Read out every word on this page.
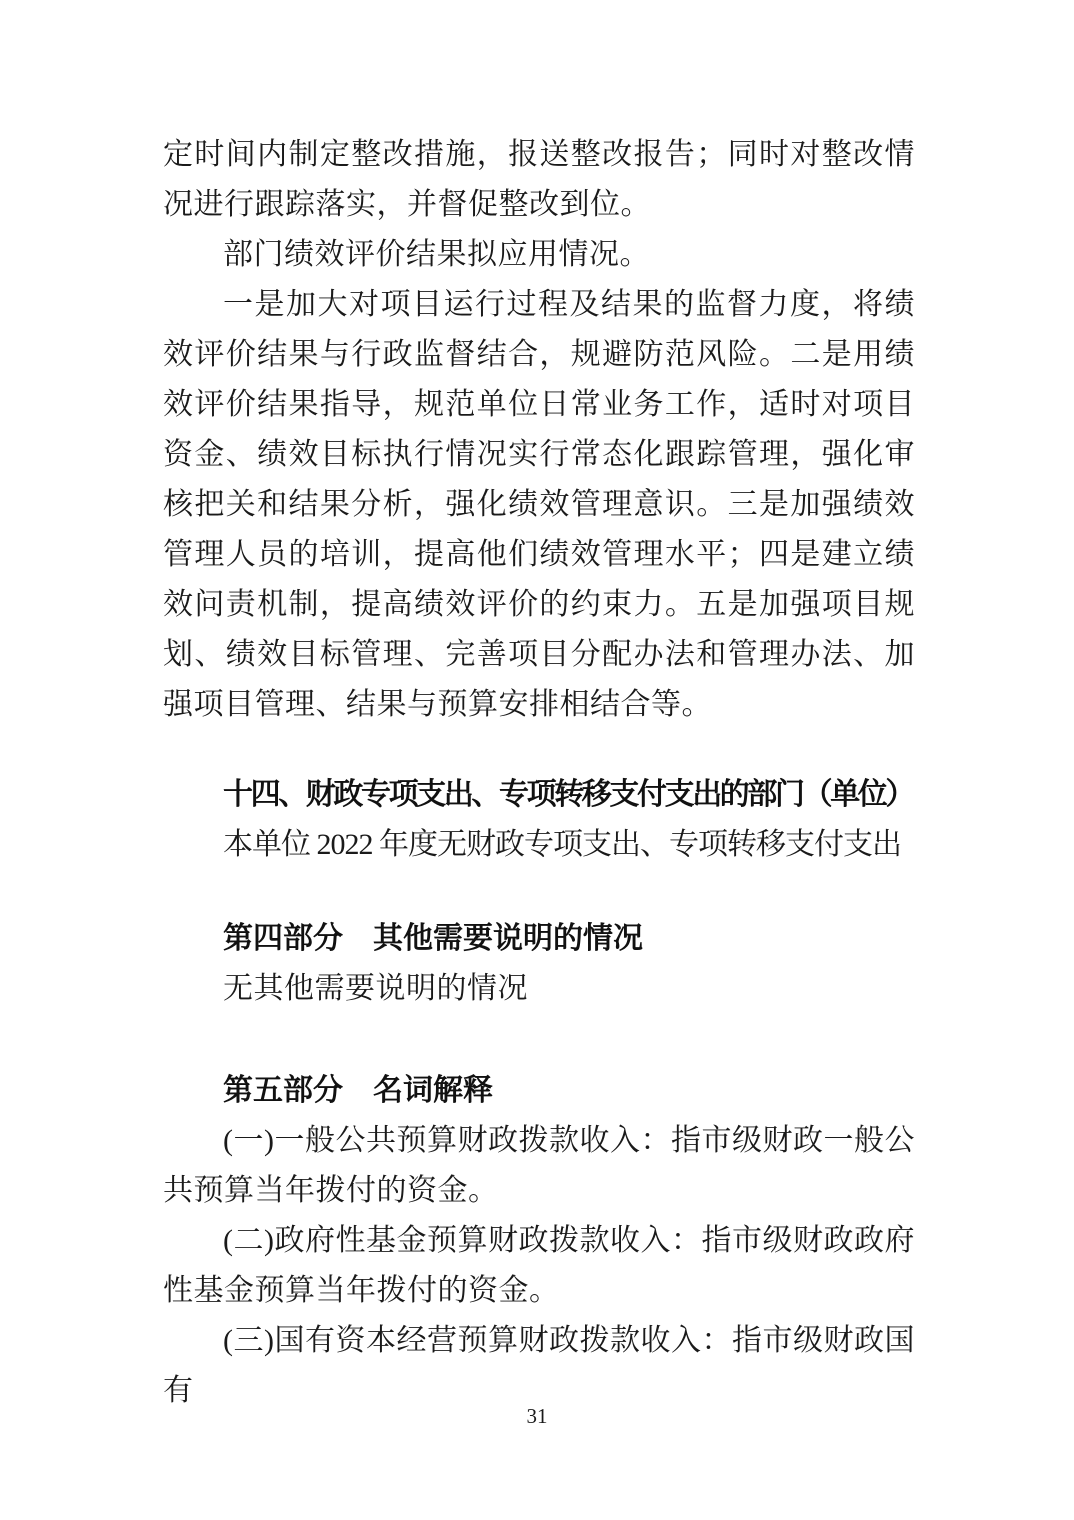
定时间内制定整改措施，报送整改报告；同时对整改情况进行跟踪落实，并督促整改到位。

部门绩效评价结果拟应用情况。

一是加大对项目运行过程及结果的监督力度，将绩效评价结果与行政监督结合，规避防范风险。二是用绩效评价结果指导，规范单位日常业务工作，适时对项目资金、绩效目标执行情况实行常态化跟踪管理，强化审核把关和结果分析，强化绩效管理意识。三是加强绩效管理人员的培训，提高他们绩效管理水平；四是建立绩效问责机制，提高绩效评价的约束力。五是加强项目规划、绩效目标管理、完善项目分配办法和管理办法、加强项目管理、结果与预算安排相结合等。

十四、财政专项支出、专项转移支付支出的部门（单位）

本单位 2022 年度无财政专项支出、专项转移支付支出

第四部分　其他需要说明的情况

无其他需要说明的情况

第五部分　名词解释

(一)一般公共预算财政拨款收入：指市级财政一般公共预算当年拨付的资金。

(二)政府性基金预算财政拨款收入：指市级财政政府性基金预算当年拨付的资金。

(三)国有资本经营预算财政拨款收入：指市级财政国有

31
